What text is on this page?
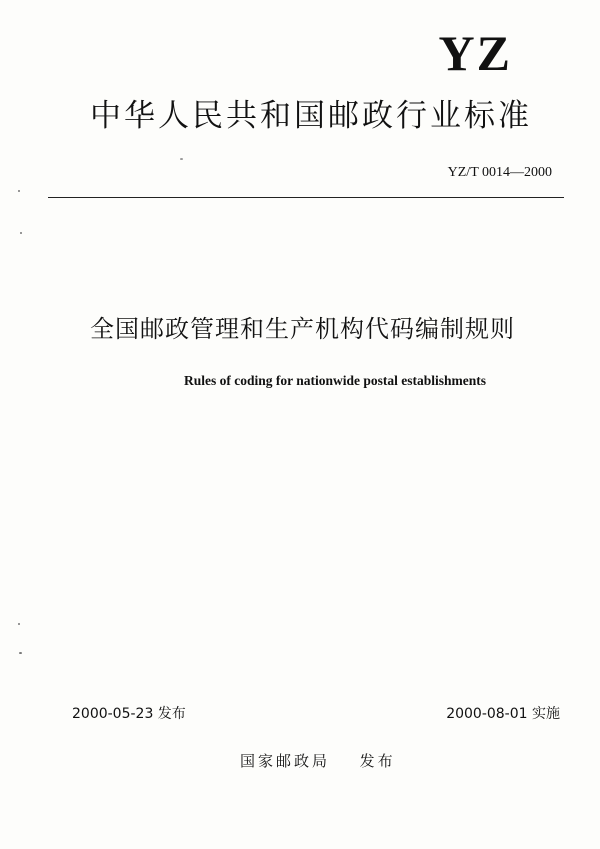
YZ
中华人民共和国邮政行业标准
YZ/T 0014—2000
全国邮政管理和生产机构代码编制规则
Rules of coding for nationwide postal establishments
2000-05-23 发布	2000-08-01 实施
国家邮政局 发布
